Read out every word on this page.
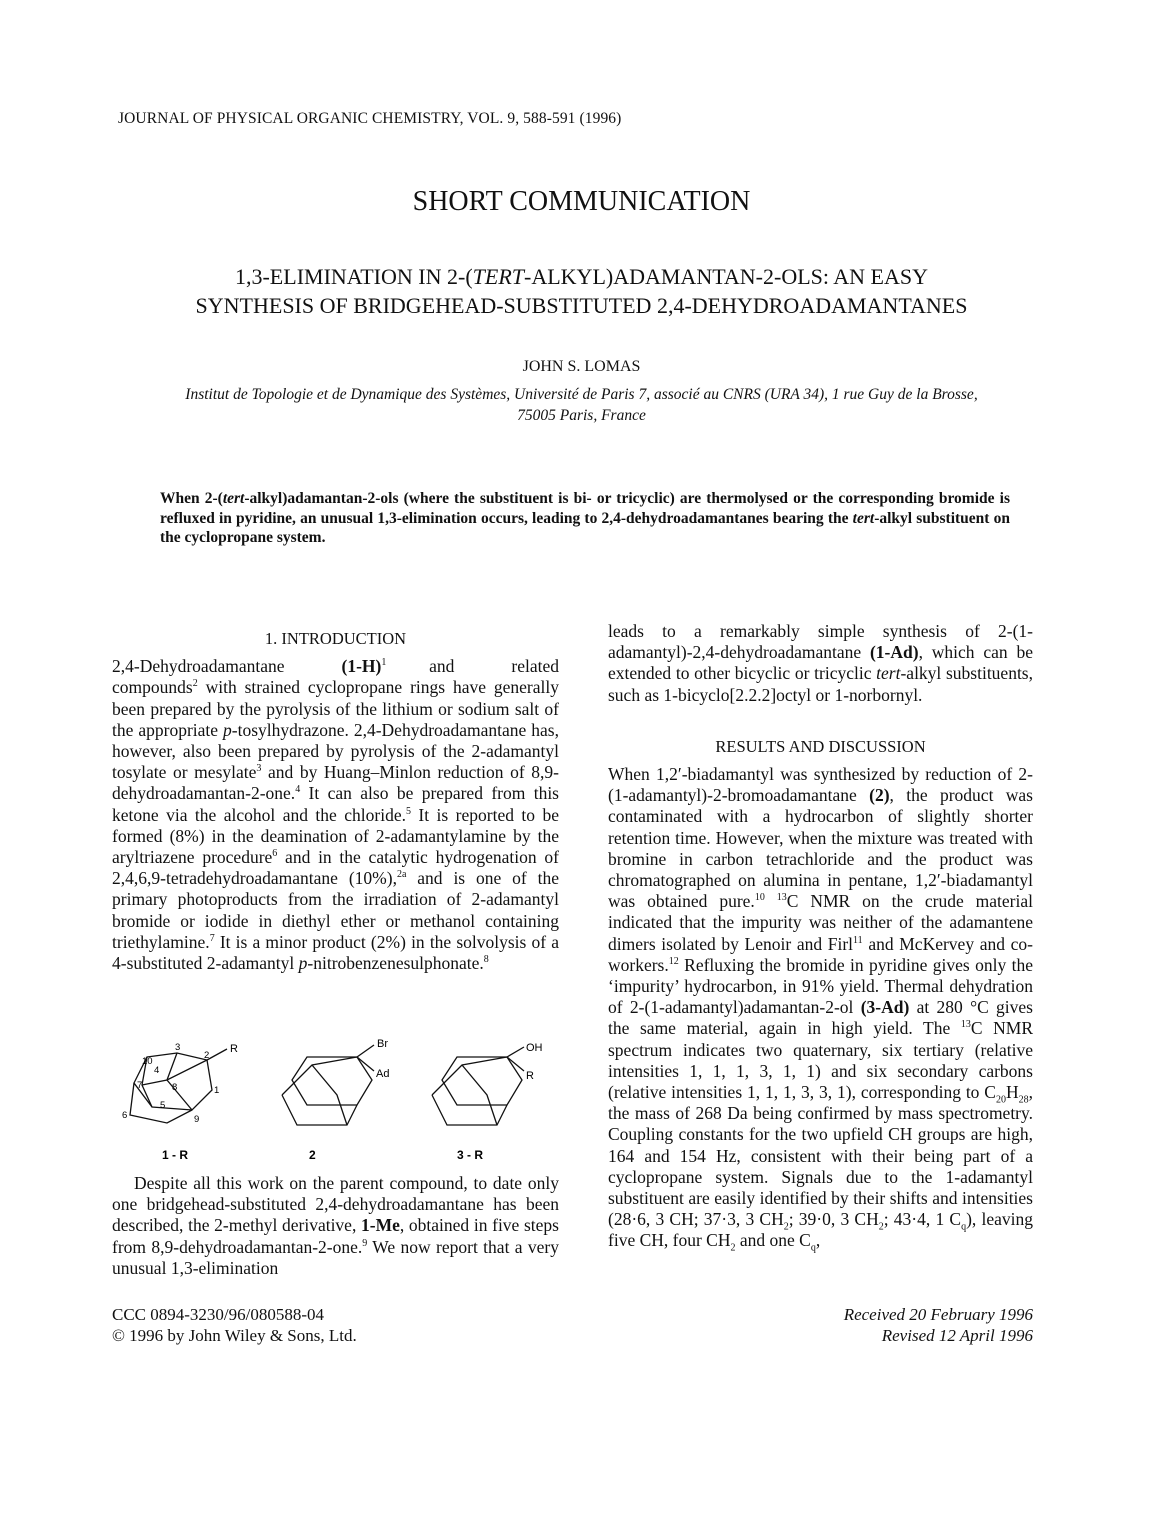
JOURNAL OF PHYSICAL ORGANIC CHEMISTRY, VOL. 9, 588-591 (1996)
SHORT COMMUNICATION
1,3-ELIMINATION IN 2-(TERT-ALKYL)ADAMANTAN-2-OLS: AN EASY
SYNTHESIS OF BRIDGEHEAD-SUBSTITUTED 2,4-DEHYDROADAMANTANES
JOHN S. LOMAS
Institut de Topologie et de Dynamique des Systèmes, Université de Paris 7, associé au CNRS (URA 34), 1 rue Guy de la Brosse,
75005 Paris, France
When 2-(tert-alkyl)adamantan-2-ols (where the substituent is bi- or tricyclic) are thermolysed or the corresponding bromide is refluxed in pyridine, an unusual 1,3-elimination occurs, leading to 2,4-dehydroadamantanes bearing the tert-alkyl substituent on the cyclopropane system.
1. INTRODUCTION

2,4-Dehydroadamantane        $(1-H)^1$      and        related compounds$^2$ with strained cyclopropane rings have generally been prepared by the pyrolysis of the lithium or sodium salt of the appropriate p-tosylhydrazone. 2,4-Dehydroadamantane has, however, also been prepared by pyrolysis of the 2-adamantyl tosylate or mesylate$^3$ and by Huang–Minlon reduction of 8,9-dehydroadamantan-2-one.$^4$ It can also be prepared from this ketone via the alcohol and the chloride.$^5$ It is reported to be formed (8%) in the deamination of 2-adamantylamine by the aryltriazene procedure$^6$ and in the catalytic hydrogenation of 2,4,6,9-tetradehydroadamantane (10%),$^{2a}$ and is one of the primary photoproducts from the irradiation of 2-adamantyl bromide or iodide in diethyl ether or methanol containing triethylamine.$^7$ It is a minor product (2%) in the solvolysis of a 4-substituted 2-adamantyl p-nitrobenzenesulphonate.$^8$

10
3
2
R
4
7	8	1
6
5
9
Br
Ad
OH
R
1 - R	2	3 - R

Despite all this work on the parent compound, to date only one bridgehead-substituted 2,4-dehydroadamantane has been described, the 2-methyl derivative, 1-Me, obtained in five steps from 8,9-dehydroadamantan-2-one.$^9$ We now report that a very unusual 1,3-elimination

leads to a remarkably simple synthesis of 2-(1-adamantyl)-2,4-dehydroadamantane (1-Ad), which can be extended to other bicyclic or tricyclic tert-alkyl substituents, such as 1-bicyclo[2.2.2]octyl or 1-norbornyl.

RESULTS AND DISCUSSION

When 1,2′-biadamantyl was synthesized by reduction of 2-(1-adamantyl)-2-bromoadamantane (2), the product was contaminated with a hydrocarbon of slightly shorter retention time. However, when the mixture was treated with bromine in carbon tetrachloride and the product was chromatographed on alumina in pentane, 1,2′-biadamantyl was obtained pure.$^{10}$ $^{13}$C NMR on the crude material indicated that the impurity was neither of the adamantene dimers isolated by Lenoir and Firl$^{11}$ and McKervey and co-workers.$^{12}$ Refluxing the bromide in pyridine gives only the ‘impurity’ hydrocarbon, in 91% yield. Thermal dehydration of 2-(1-adamantyl)adamantan-2-ol (3-Ad) at 280 °C gives the same material, again in high yield. The $^{13}$C NMR spectrum indicates two quaternary, six tertiary (relative intensities 1, 1, 1, 3, 1, 1) and six secondary carbons (relative intensities 1, 1, 1, 3, 3, 1), corresponding to $C_{20}H_{28}$, the mass of 268 Da being confirmed by mass spectrometry. Coupling constants for the two upfield CH groups are high, 164 and 154 Hz, consistent with their being part of a cyclopropane system. Signals due to the 1-adamantyl substituent are easily identified by their shifts and intensities (28·6, 3 CH; 37·3, 3 $CH_2$; 39·0, 3 $CH_2$; 43·4, 1 $C_q$), leaving five CH, four $CH_2$ and one $C_q$,

CCC 0894-3230/96/080588-04
© 1996 by John Wiley & Sons, Ltd.
Received 20 February 1996
Revised 12 April 1996
